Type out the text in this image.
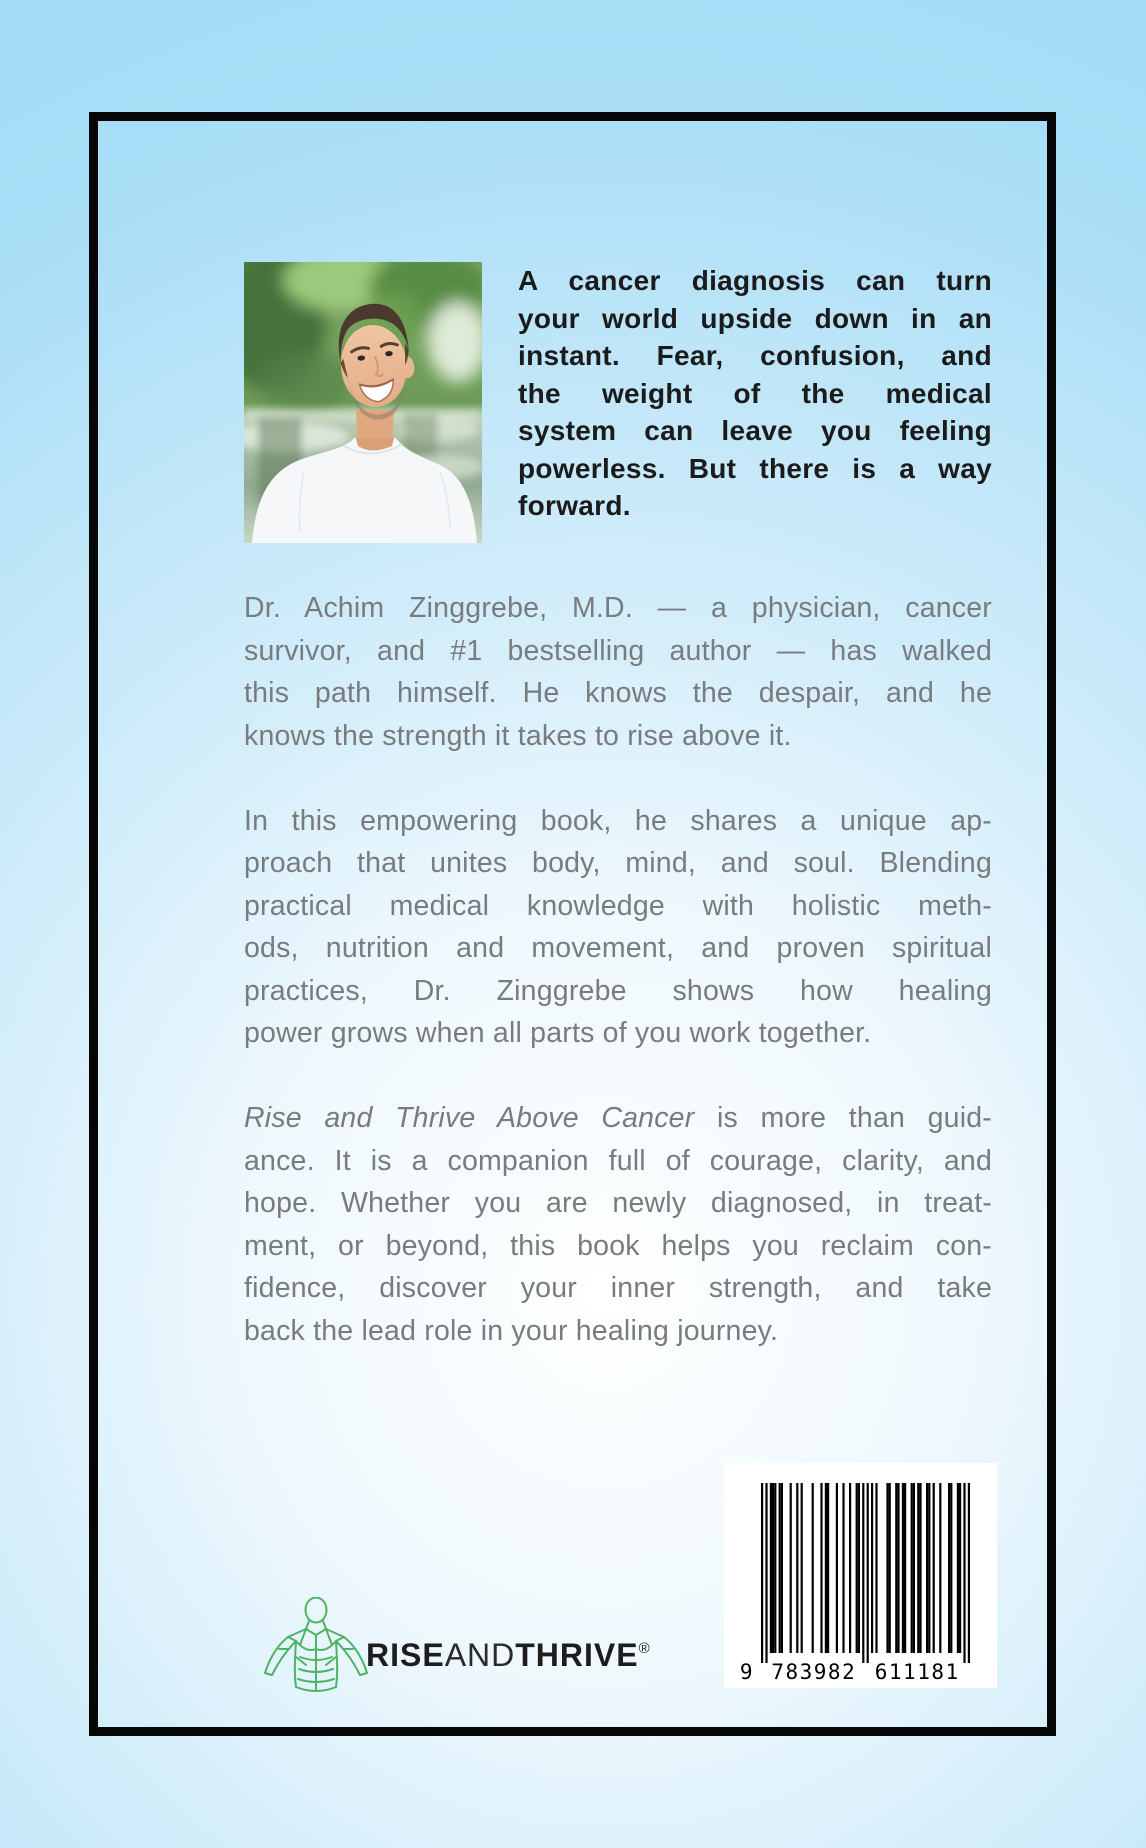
A cancer diagnosis can turn
your world upside down in an
instant. Fear, confusion, and
the weight of the medical
system can leave you feeling
powerless. But there is a way
forward.

Dr. Achim Zinggrebe, M.D. — a physician, cancer
survivor, and #1 bestselling author — has walked
this path himself. He knows the despair, and he
knows the strength it takes to rise above it.

In this empowering book, he shares a unique ap-
proach that unites body, mind, and soul. Blending
practical medical knowledge with holistic meth-
ods, nutrition and movement, and proven spiritual
practices, Dr. Zinggrebe shows how healing
power grows when all parts of you work together.

Rise and Thrive Above Cancer is more than guid-
ance. It is a companion full of courage, clarity, and
hope. Whether you are newly diagnosed, in treat-
ment, or beyond, this book helps you reclaim con-
fidence, discover your inner strength, and take
back the lead role in your healing journey.

RISEANDTHRIVE®
9 783982 611181
